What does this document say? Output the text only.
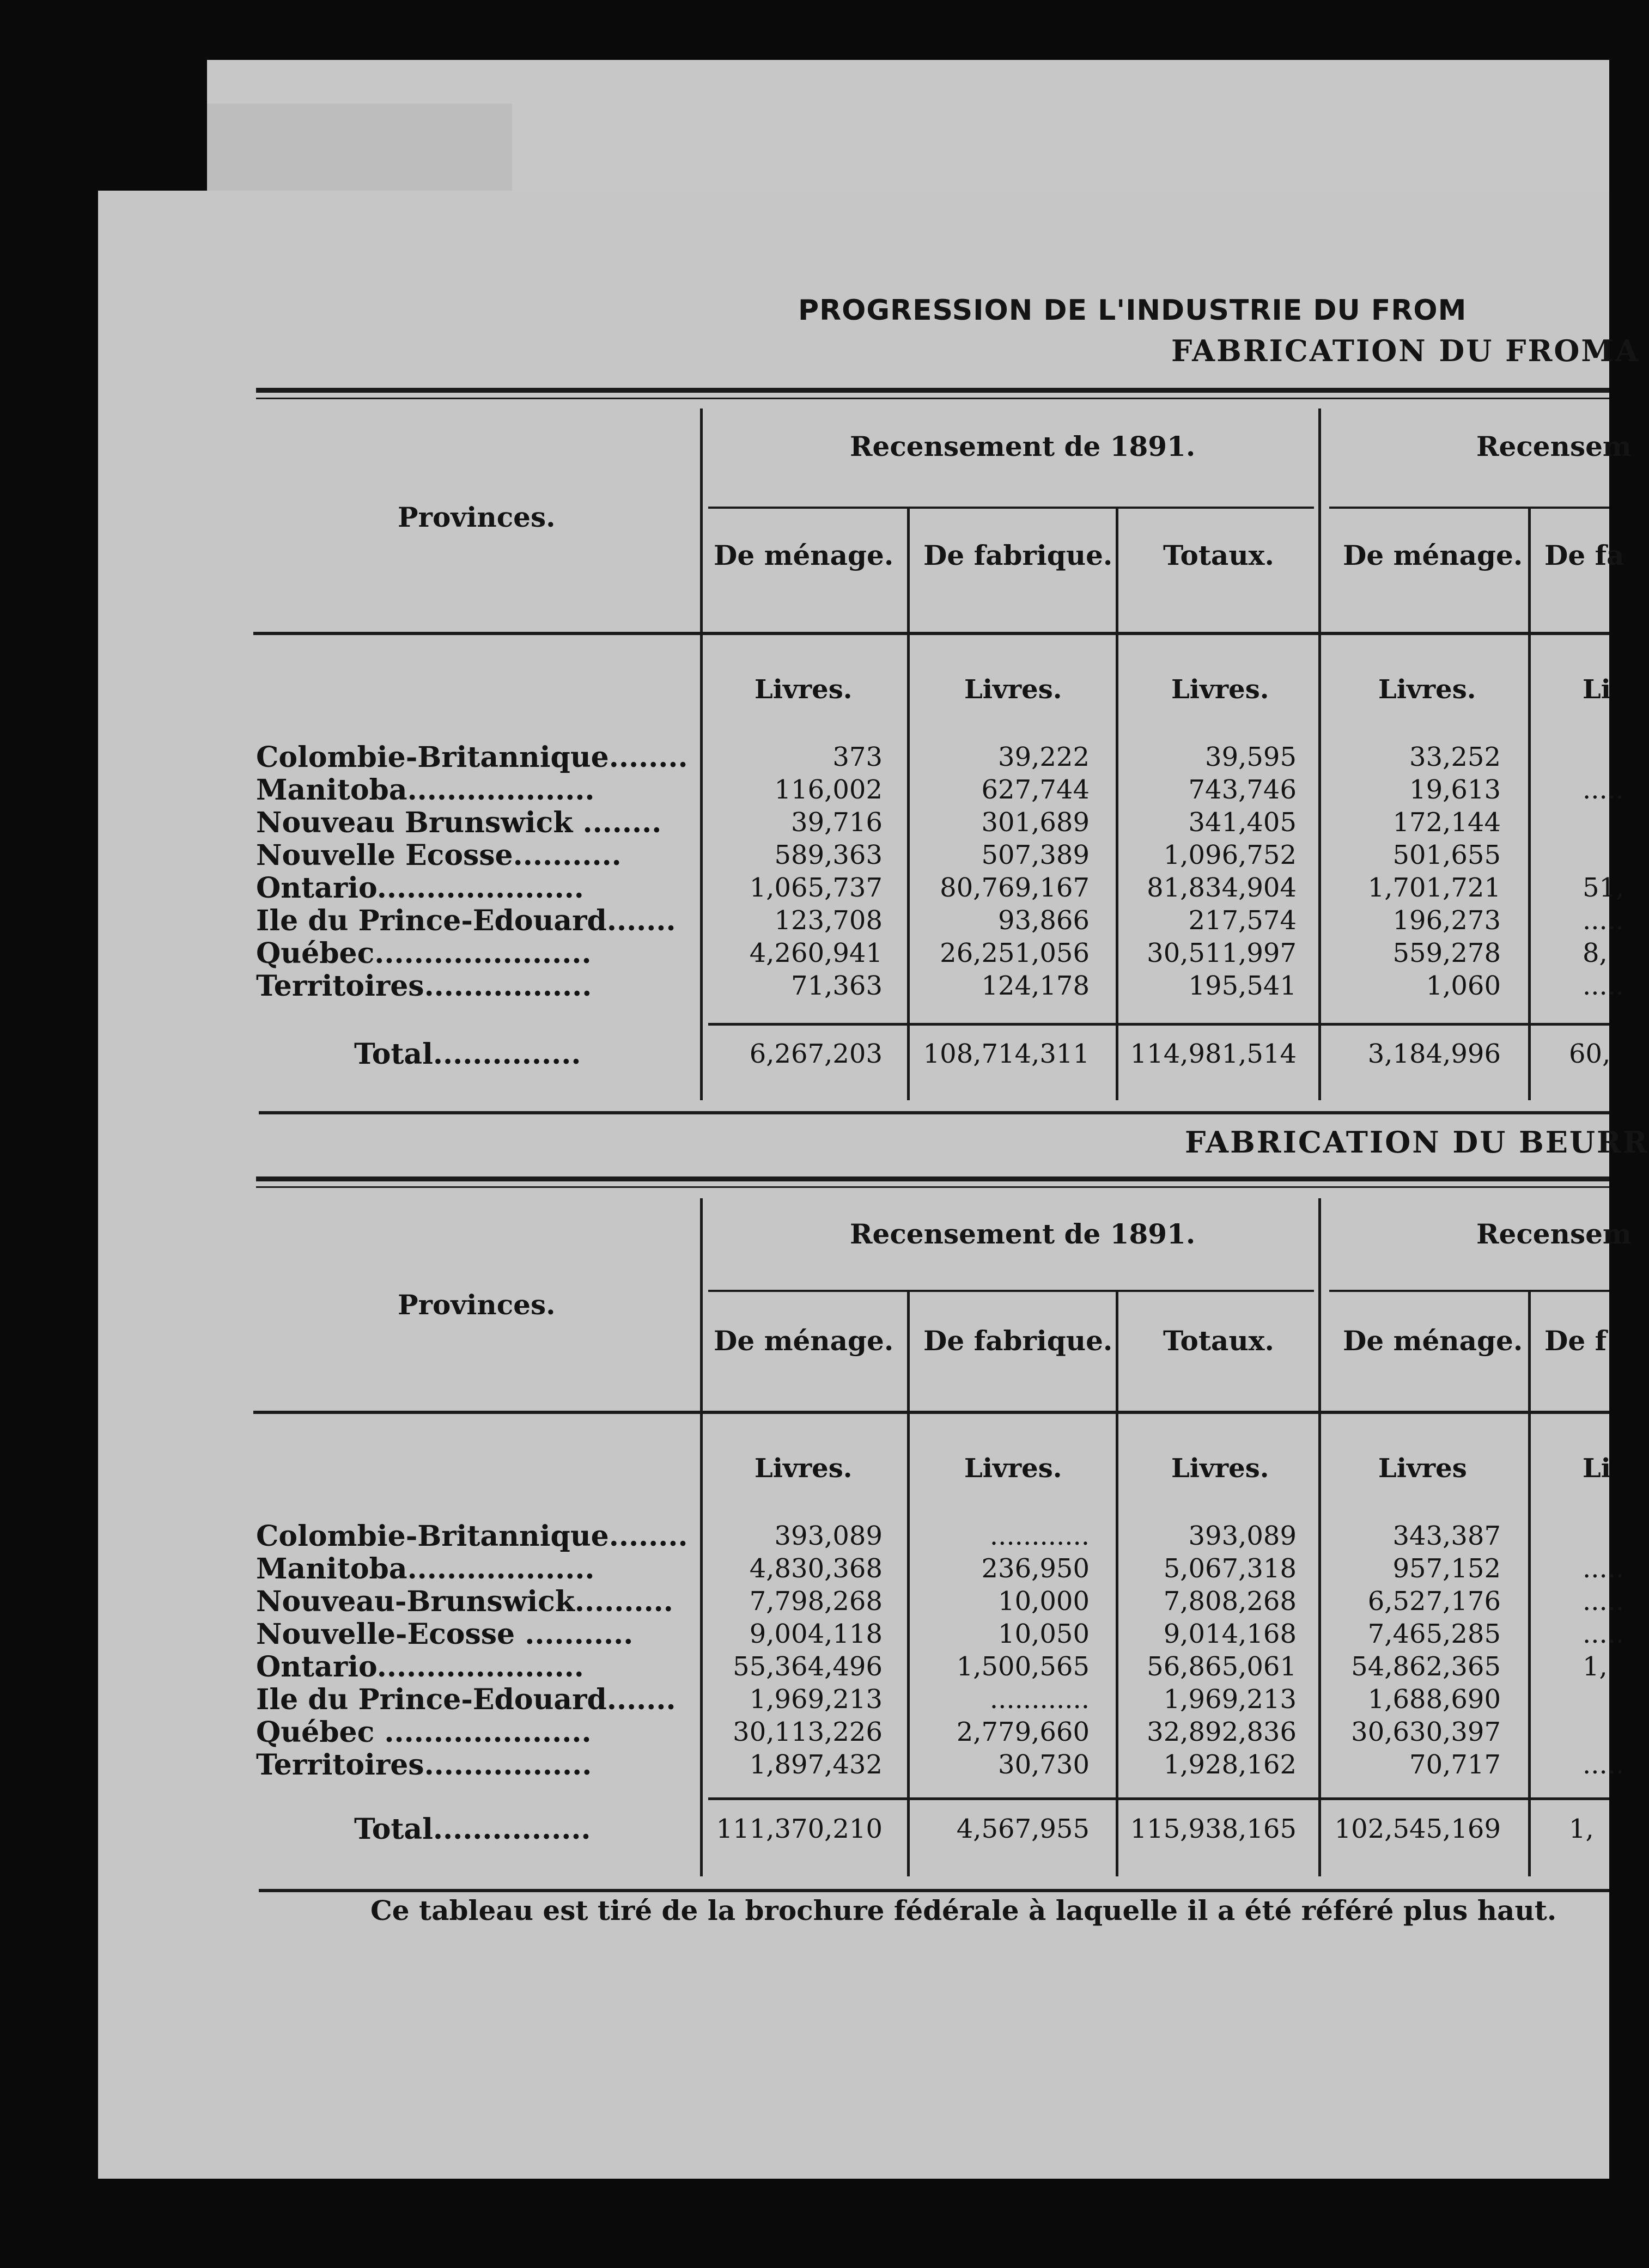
PROGRESSION DE L'INDUSTRIE DU FROM
FABRICATION DU FROMA
Provinces.
Recensement de 1891.	Recensem
De ménage. De fabrique. Totaux.	De ménage. De fa
Livres.	Livres.	Livres.	Livres.	Li
Colombie-Britannique........	373	39,222	39,595	33,252
Manitoba...................	116,002	627,744	743,746	19,613	.....
Nouveau Brunswick ........	39,716	301,689	341,405	172,144
Nouvelle Ecosse...........	589,363	507,389	1,096,752	501,655
Ontario.....................	1,065,737	80,769,167	81,834,904	1,701,721	51,
Ile du Prince-Edouard.......	123,708	93,866	217,574	196,273	.....
Québec......................	4,260,941	26,251,056	30,511,997	559,278	8,
Territoires.................	71,363	124,178	195,541	1,060	.....
Total...............	6,267,203	108,714,311	114,981,514	3,184,996	60,
FABRICATION DU BEURR
Provinces.
Recensement de 1891.	Recensem
De ménage. De fabrique. Totaux.	De ménage. De f
Livres.	Livres.	Livres.	Livres	Li
Colombie-Britannique........	393,089	............	393,089	343,387
Manitoba...................	4,830,368	236,950	5,067,318	957,152	.....
Nouveau-Brunswick..........	7,798,268	10,000	7,808,268	6,527,176	.....
Nouvelle-Ecosse ...........	9,004,118	10,050	9,014,168	7,465,285	.....
Ontario.....................	55,364,496	1,500,565	56,865,061	54,862,365	1,
Ile du Prince-Edouard.......	1,969,213	............	1,969,213	1,688,690
Québec .....................	30,113,226	2,779,660	32,892,836	30,630,397
Territoires.................	1,897,432	30,730	1,928,162	70,717	.....
Total................	111,370,210	4,567,955	115,938,165	102,545,169	1,
Ce tableau est tiré de la brochure fédérale à laquelle il a été référé plus haut.
